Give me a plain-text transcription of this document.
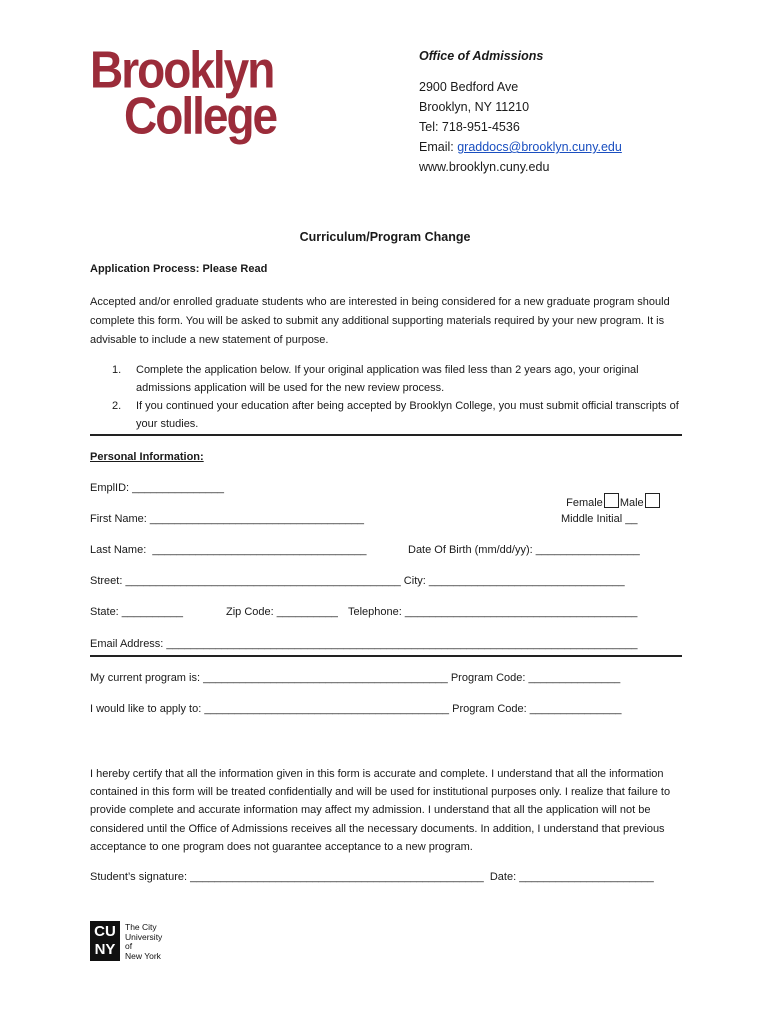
Brooklyn
College
Office of Admissions
2900 Bedford Ave
Brooklyn, NY 11210
Tel: 718-951-4536
Email: graddocs@brooklyn.cuny.edu
www.brooklyn.cuny.edu
Curriculum/Program Change
Application Process: Please Read
Accepted and/or enrolled graduate students who are interested in being considered for a new graduate program should complete this form. You will be asked to submit any additional supporting materials required by your new program. It is advisable to include a new statement of purpose.
1. Complete the application below. If your original application was filed less than 2 years ago, your original admissions application will be used for the new review process.
2. If you continued your education after being accepted by Brooklyn College, you must submit official transcripts of your studies.
Personal Information:
EmplID: _______________

Female Male

First Name: ___________________________________	Middle Initial __
Last Name:  ___________________________________	Date Of Birth (mm/dd/yy): _________________
Street: _____________________________________________ City: ________________________________
State: __________	Zip Code: __________ Telephone: ______________________________________
Email Address: _____________________________________________________________________________
My current program is: ________________________________________ Program Code: _______________
I would like to apply to: ________________________________________ Program Code: _______________
I hereby certify that all the information given in this form is accurate and complete. I understand that all the information contained in this form will be treated confidentially and will be used for institutional purposes only. I realize that failure to provide complete and accurate information may affect my admission. I understand that all the application will not be considered until the Office of Admissions receives all the necessary documents. In addition, I understand that previous acceptance to one program does not guarantee acceptance to a new program.
Student’s signature: ________________________________________________  Date: ______________________
CU
NY
The City
University
of
New York
